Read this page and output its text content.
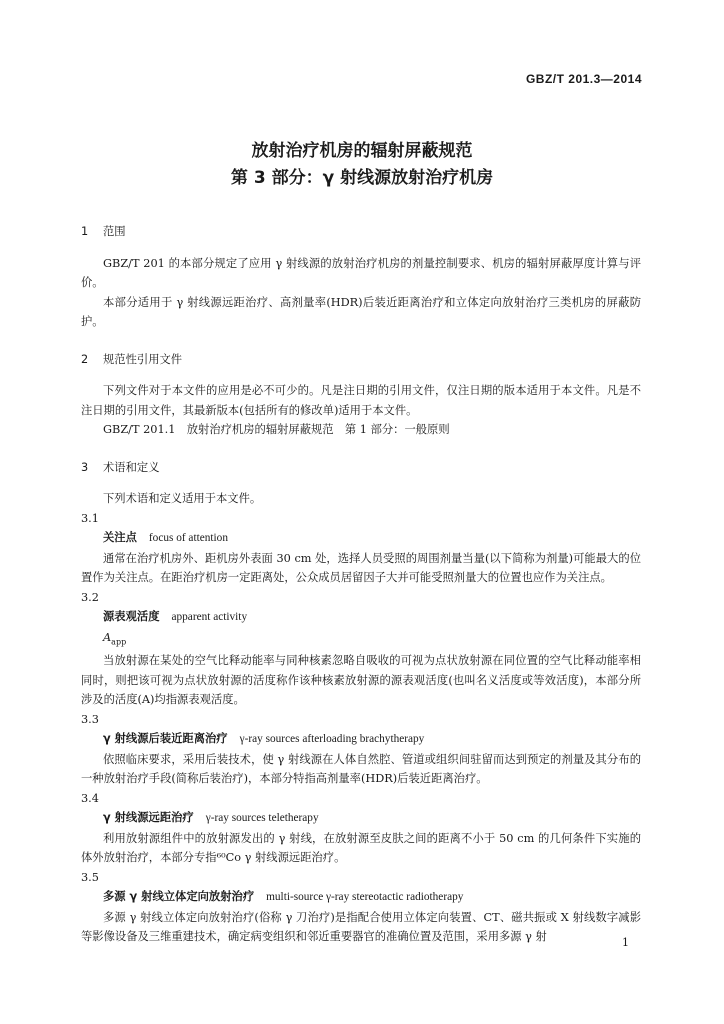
GBZ/T 201.3—2014
放射治疗机房的辐射屏蔽规范
第 3 部分：γ 射线源放射治疗机房
1 范围
GBZ/T 201 的本部分规定了应用 γ 射线源的放射治疗机房的剂量控制要求、机房的辐射屏蔽厚度计算与评价。
本部分适用于 γ 射线源远距治疗、高剂量率(HDR)后装近距离治疗和立体定向放射治疗三类机房的屏蔽防护。
2 规范性引用文件
下列文件对于本文件的应用是必不可少的。凡是注日期的引用文件，仅注日期的版本适用于本文件。凡是不注日期的引用文件，其最新版本(包括所有的修改单)适用于本文件。
GBZ/T 201.1　放射治疗机房的辐射屏蔽规范　第 1 部分：一般原则
3 术语和定义
下列术语和定义适用于本文件。
3.1
关注点 focus of attention
通常在治疗机房外、距机房外表面 30 cm 处，选择人员受照的周围剂量当量(以下简称为剂量)可能最大的位置作为关注点。在距治疗机房一定距离处，公众成员居留因子大并可能受照剂量大的位置也应作为关注点。
3.2
源表观活度 apparent activity
$A_{app}$
当放射源在某处的空气比释动能率与同种核素忽略自吸收的可视为点状放射源在同位置的空气比释动能率相同时，则把该可视为点状放射源的活度称作该种核素放射源的源表观活度(也叫名义活度或等效活度)，本部分所涉及的活度(A)均指源表观活度。
3.3
γ 射线源后装近距离治疗 γ-ray sources afterloading brachytherapy
依照临床要求，采用后装技术，使 γ 射线源在人体自然腔、管道或组织间驻留而达到预定的剂量及其分布的一种放射治疗手段(简称后装治疗)，本部分特指高剂量率(HDR)后装近距离治疗。
3.4
γ 射线源远距治疗 γ-ray sources teletherapy
利用放射源组件中的放射源发出的 γ 射线，在放射源至皮肤之间的距离不小于 50 cm 的几何条件下实施的体外放射治疗，本部分专指⁶⁰Co γ 射线源远距治疗。
3.5
多源 γ 射线立体定向放射治疗 multi-source γ-ray stereotactic radiotherapy
多源 γ 射线立体定向放射治疗(俗称 γ 刀治疗)是指配合使用立体定向装置、CT、磁共振或 X 射线数字减影等影像设备及三维重建技术，确定病变组织和邻近重要器官的准确位置及范围，采用多源 γ 射	1
